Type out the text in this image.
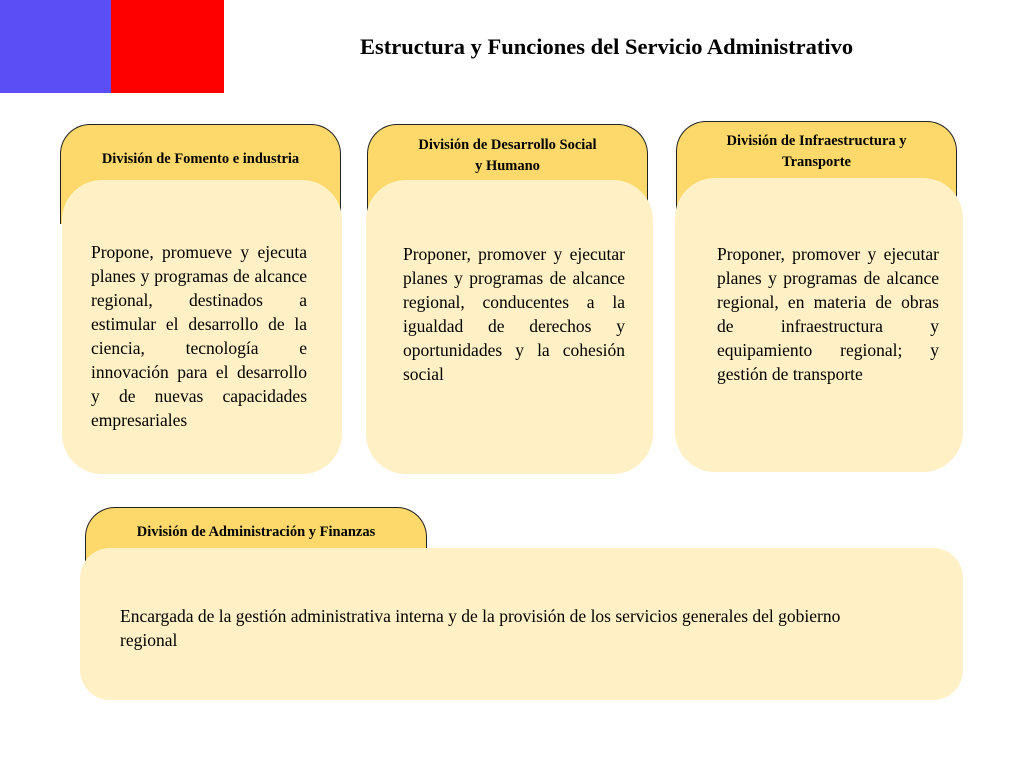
Estructura y Funciones del Servicio Administrativo
División de Fomento e industria
Propone, promueve y ejecuta planes y programas de alcance regional, destinados a estimular el desarrollo de la ciencia, tecnología e innovación para el desarrollo y de nuevas capacidades empresariales
División de Desarrollo Social
y Humano
Proponer, promover y ejecutar planes y programas de alcance regional, conducentes a la igualdad de derechos y oportunidades y la cohesión social
División de Infraestructura y
Transporte
Proponer, promover y ejecutar planes y programas de alcance regional, en materia de obras de infraestructura y equipamiento regional; y gestión de transporte
División de Administración y Finanzas
Encargada de la gestión administrativa interna y de la provisión de los servicios generales del gobierno regional
